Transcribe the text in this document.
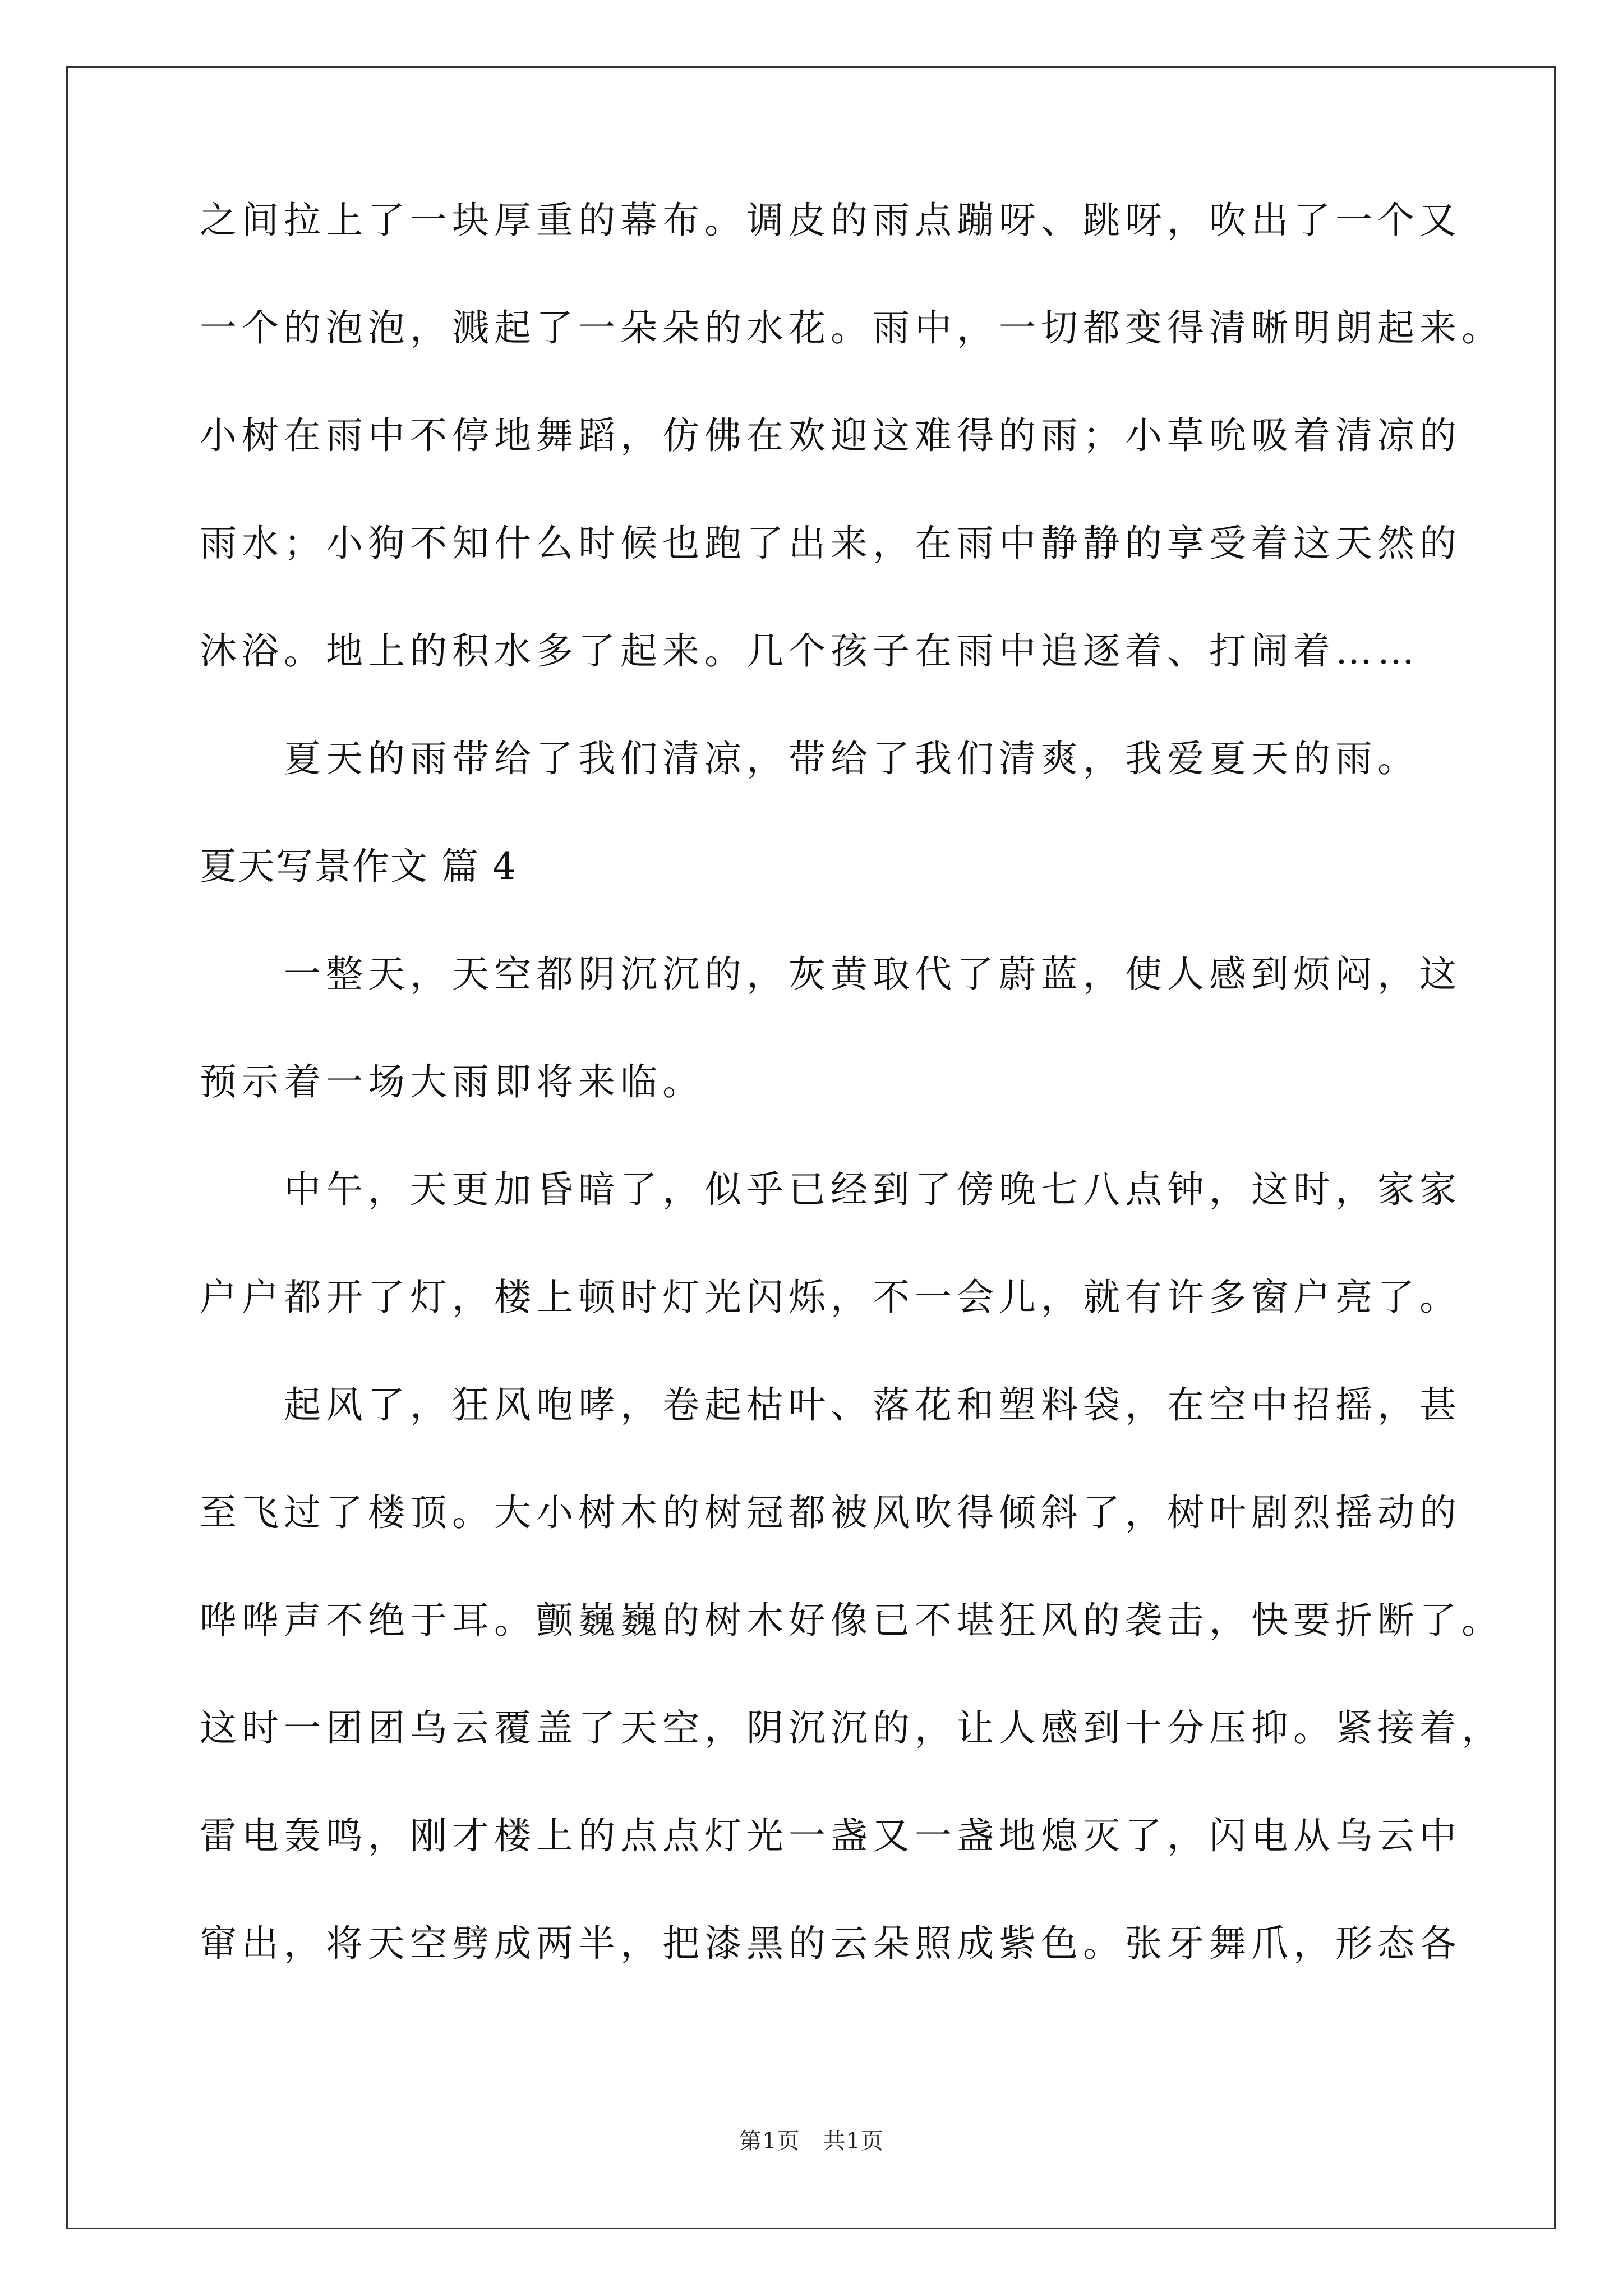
之间拉上了一块厚重的幕布。调皮的雨点蹦呀、跳呀，吹出了一个又
一个的泡泡，溅起了一朵朵的水花。雨中，一切都变得清晰明朗起来。
小树在雨中不停地舞蹈，仿佛在欢迎这难得的雨；小草吮吸着清凉的
雨水；小狗不知什么时候也跑了出来，在雨中静静的享受着这天然的
沐浴。地上的积水多了起来。几个孩子在雨中追逐着、打闹着……
夏天的雨带给了我们清凉，带给了我们清爽，我爱夏天的雨。
夏天写景作文 篇 4
一整天，天空都阴沉沉的，灰黄取代了蔚蓝，使人感到烦闷，这
预示着一场大雨即将来临。
中午，天更加昏暗了，似乎已经到了傍晚七八点钟，这时，家家
户户都开了灯，楼上顿时灯光闪烁，不一会儿，就有许多窗户亮了。
起风了，狂风咆哮，卷起枯叶、落花和塑料袋，在空中招摇，甚
至飞过了楼顶。大小树木的树冠都被风吹得倾斜了，树叶剧烈摇动的
哗哗声不绝于耳。颤巍巍的树木好像已不堪狂风的袭击，快要折断了。
这时一团团乌云覆盖了天空，阴沉沉的，让人感到十分压抑。紧接着，
雷电轰鸣，刚才楼上的点点灯光一盏又一盏地熄灭了，闪电从乌云中
窜出，将天空劈成两半，把漆黑的云朵照成紫色。张牙舞爪，形态各
第1页　共1页
